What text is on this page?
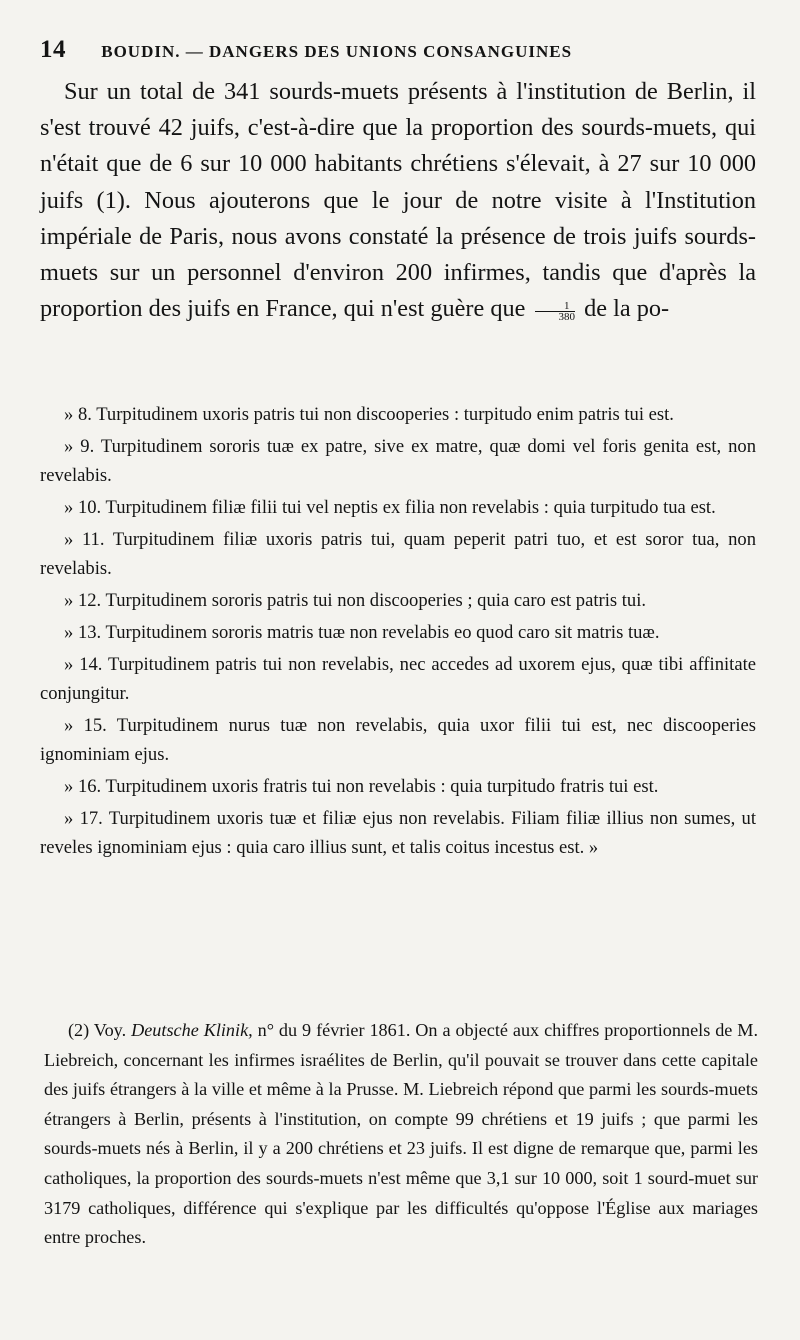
14 BOUDIN. — DANGERS DES UNIONS CONSANGUINES

Sur un total de 341 sourds-muets présents à l'institution de Berlin, il s'est trouvé 42 juifs, c'est-à-dire que la proportion des sourds-muets, qui n'était que de 6 sur 10 000 habitants chrétiens s'élevait, à 27 sur 10 000 juifs (1). Nous ajouterons que le jour de notre visite à l'Institution impériale de Paris, nous avons constaté la présence de trois juifs sourds-muets sur un personnel d'environ 200 infirmes, tandis que d'après la proportion des juifs en France, qui n'est guère que $\frac{1}{380}$ de la po-

» 8. Turpitudinem uxoris patris tui non discooperies : turpitudo enim patris tui est.

» 9. Turpitudinem sororis tuæ ex patre, sive ex matre, quæ domi vel foris genita est, non revelabis.

» 10. Turpitudinem filiæ filii tui vel neptis ex filia non revelabis : quia turpitudo tua est.

» 11. Turpitudinem filiæ uxoris patris tui, quam peperit patri tuo, et est soror tua, non revelabis.

» 12. Turpitudinem sororis patris tui non discooperies ; quia caro est patris tui.

» 13. Turpitudinem sororis matris tuæ non revelabis eo quod caro sit matris tuæ.

» 14. Turpitudinem patris tui non revelabis, nec accedes ad uxorem ejus, quæ tibi affinitate conjungitur.

» 15. Turpitudinem nurus tuæ non revelabis, quia uxor filii tui est, nec discooperies ignominiam ejus.

» 16. Turpitudinem uxoris fratris tui non revelabis : quia turpitudo fratris tui est.

» 17. Turpitudinem uxoris tuæ et filiæ ejus non revelabis. Filiam filiæ illius non sumes, ut reveles ignominiam ejus : quia caro illius sunt, et talis coitus incestus est. »

(2) Voy. Deutsche Klinik, n° du 9 février 1861. On a objecté aux chiffres proportionnels de M. Liebreich, concernant les infirmes israélites de Berlin, qu'il pouvait se trouver dans cette capitale des juifs étrangers à la ville et même à la Prusse. M. Liebreich répond que parmi les sourds-muets étrangers à Berlin, présents à l'institution, on compte 99 chrétiens et 19 juifs ; que parmi les sourds-muets nés à Berlin, il y a 200 chrétiens et 23 juifs. Il est digne de remarque que, parmi les catholiques, la proportion des sourds-muets n'est même que 3,1 sur 10 000, soit 1 sourd-muet sur 3179 catholiques, différence qui s'explique par les difficultés qu'oppose l'Église aux mariages entre proches.
